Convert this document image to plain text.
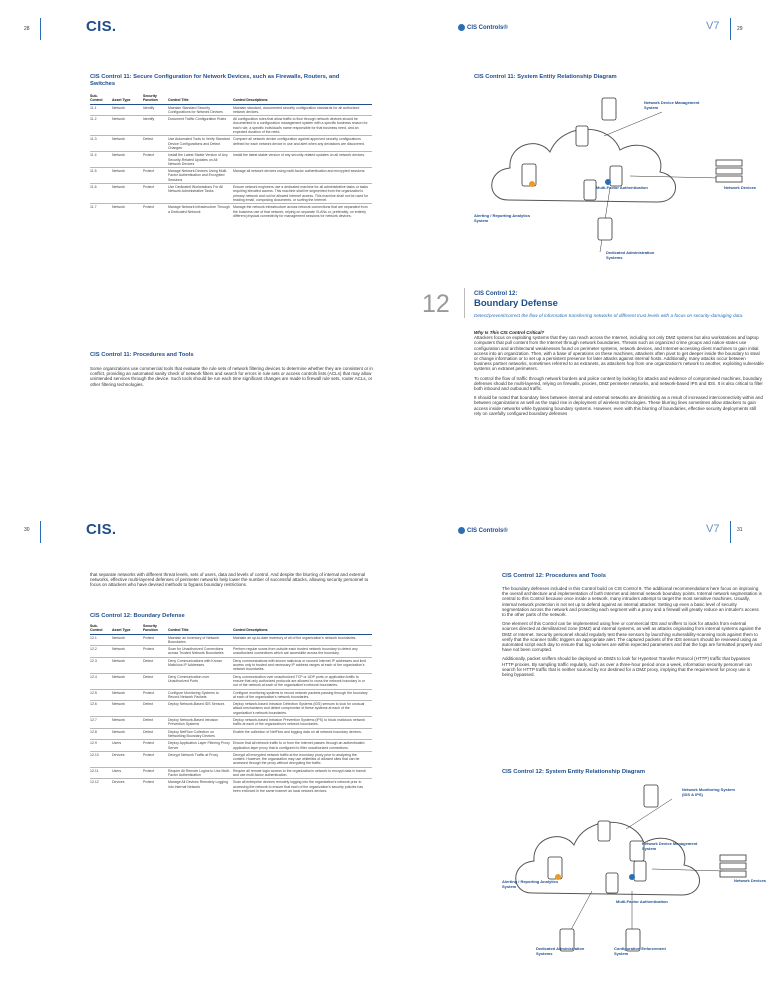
28	CIS.
CIS Control 11: Secure Configuration for Network Devices, such as Firewalls, Routers, and Switches
Sub-Control	Asset Type	Security Function	Control Title	Control Descriptions
11.1	Network	Identify	Maintain Standard Security Configurations for Network Devices	Maintain standard, documented security configuration standards for all authorized network devices.
11.2	Network	Identify	Document Traffic Configuration Rules	All configuration rules that allow traffic to flow through network devices should be documented in a configuration management system with a specific business reason for each rule, a specific individual's name responsible for that business need, and an expected duration of the need.
11.3	Network	Detect	Use Automated Tools to Verify Standard Device Configurations and Detect Changes	Compare all network device configuration against approved security configurations defined for each network device in use and alert when any deviations are discovered.
11.4	Network	Protect	Install the Latest Stable Version of Any Security-Related Updates on All Network Devices	Install the latest stable version of any security-related updates on all network devices.
11.5	Network	Protect	Manage Network Devices Using Multi-Factor Authentication and Encrypted Sessions	Manage all network devices using multi-factor authentication and encrypted sessions.
11.6	Network	Protect	Use Dedicated Workstations For All Network Administrative Tasks	Ensure network engineers use a dedicated machine for all administrative tasks or tasks requiring elevated access. This machine shall be segmented from the organization's primary network and not be allowed Internet access. This machine shall not be used for reading email, composing documents, or surfing the Internet.
11.7	Network	Protect	Manage Network Infrastructure Through a Dedicated Network	Manage the network infrastructure across network connections that are separated from the business use of that network, relying on separate VLANs or, preferably, on entirely different physical connectivity for management sessions for network devices.
CIS Control 11: Procedures and Tools

Some organizations use commercial tools that evaluate the rule sets of network filtering devices to determine whether they are consistent or in conflict, providing an automated sanity check of network filters and search for errors in rule sets or access controls lists (ACLs) that may allow unintended services through the device. Such tools should be run each time significant changes are made to firewall rule sets, router ACLs, or other filtering technologies.

CIS Controls ®	V7	29
CIS Control 11: System Entity Relationship Diagram
Network Device Management System
Multi-Factor Authentication	Network Devices
Alerting / Reporting Analytics System
Dedicated Administration Systems
12	CIS Control 12:
Boundary Defense
Detect/prevent/correct the flow of information transferring networks of different trust levels with a focus on security-damaging data.

Why Is This CIS Control Critical?

Attackers focus on exploiting systems that they can reach across the Internet, including not only DMZ systems but also workstations and laptop computers that pull content from the Internet through network boundaries. Threats such as organized crime groups and nation-states use configuration and architectural weaknesses found on perimeter systems, network devices, and Internet-accessing client machines to gain initial access into an organization. Then, with a base of operations on these machines, attackers often pivot to get deeper inside the boundary to steal or change information or to set up a persistent presence for later attacks against internal hosts. Additionally, many attacks occur between business partner networks, sometimes referred to as extranets, as attackers hop from one organization's network to another, exploiting vulnerable systems on extranet perimeters.

To control the flow of traffic through network borders and police content by looking for attacks and evidence of compromised machines, boundary defenses should be multi-layered, relying on firewalls, proxies, DMZ perimeter networks, and network-based IPS and IDS. It is also critical to filter both inbound and outbound traffic.

It should be noted that boundary lines between internal and external networks are diminishing as a result of increased interconnectivity within and between organizations as well as the rapid rise in deployment of wireless technologies. These blurring lines sometimes allow attackers to gain access inside networks while bypassing boundary systems. However, even with this blurring of boundaries, effective security deployments still rely on carefully configured boundary defenses

30	CIS.

that separate networks with different threat levels, sets of users, data and levels of control. And despite the blurring of internal and external networks, effective multi-layered defenses of perimeter networks help lower the number of successful attacks, allowing security personnel to focus on attackers who have devised methods to bypass boundary restrictions.

CIS Control 12: Boundary Defense
Sub-Control	Asset Type	Security Function	Control Title	Control Descriptions
12.1	Network	Protect	Maintain an Inventory of Network Boundaries	Maintain an up-to-date inventory of all of the organization's network boundaries.
12.2	Network	Protect	Scan for Unauthorized Connections across Trusted Network Boundaries	Perform regular scans from outside each trusted network boundary to detect any unauthorized connections which are accessible across the boundary.
12.3	Network	Detect	Deny Communications with Known Malicious IP Addresses	Deny communications with known malicious or unused Internet IP addresses and limit access only to trusted and necessary IP address ranges at each of the organization's network boundaries.
12.4	Network	Detect	Deny Communication over Unauthorized Ports	Deny communication over unauthorized TCP or UDP ports or application traffic to ensure that only authorized protocols are allowed to cross the network boundary in or out of the network at each of the organization's network boundaries.
12.5	Network	Protect	Configure Monitoring Systems to Record Network Packets	Configure monitoring systems to record network packets passing through the boundary at each of the organization's network boundaries.
12.6	Network	Detect	Deploy Network-Based IDS Sensors	Deploy network-based Intrusion Detection Systems (IDS) sensors to look for unusual attack mechanisms and detect compromise of these systems at each of the organization's network boundaries.
12.7	Network	Detect	Deploy Network-Based Intrusion Prevention Systems	Deploy network-based Intrusion Prevention Systems (IPS) to block malicious network traffic at each of the organization's network boundaries.
12.8	Network	Detect	Deploy NetFlow Collection on Networking Boundary Devices	Enable the collection of NetFlow and logging data on all network boundary devices.
12.9	Users	Protect	Deploy Application Layer Filtering Proxy Server	Ensure that all network traffic to or from the Internet passes through an authenticated application layer proxy that is configured to filter unauthorized connections.
12.10	Devices	Protect	Decrypt Network Traffic at Proxy	Decrypt all encrypted network traffic at the boundary proxy prior to analyzing the content. However, the organization may use whitelists of allowed sites that can be accessed through the proxy without decrypting the traffic.
12.11	Users	Protect	Require All Remote Logins to Use Multi-Factor Authentication	Require all remote login access to the organization's network to encrypt data in transit and use multi-factor authentication.
12.12	Devices	Protect	Manage All Devices Remotely Logging into Internal Network	Scan all enterprise devices remotely logging into the organization's network prior to accessing the network to ensure that each of the organization's security policies has been enforced in the same manner as local network devices.
CIS Controls ®	V7	31
CIS Control 12: Procedures and Tools

The boundary defenses included in this Control build on CIS Control 9. The additional recommendations here focus on improving the overall architecture and implementation of both Internet and internal network boundary points. Internal network segmentation is central to this Control because once inside a network, many intruders attempt to target the most sensitive machines. Usually, internal network protection is not set up to defend against an internal attacker. Setting up even a basic level of security segmentation across the network and protecting each segment with a proxy and a firewall will greatly reduce an intruder's access to the other parts of the network.

One element of this Control can be implemented using free or commercial IDS and sniffers to look for attacks from external sources directed at demilitarized zone (DMZ) and internal systems, as well as attacks originating from internal systems against the DMZ or Internet. Security personnel should regularly test these sensors by launching vulnerability-scanning tools against them to verify that the scanner traffic triggers an appropriate alert. The captured packets of the IDS sensors should be reviewed using an automated script each day to ensure that log volumes are within expected parameters and that the logs are formatted properly and have not been corrupted.

Additionally, packet sniffers should be deployed on DMZs to look for Hypertext Transfer Protocol (HTTP) traffic that bypasses HTTP proxies. By sampling traffic regularly, such as over a three-hour period once a week, information security personnel can search for HTTP traffic that is neither sourced by nor destined for a DMZ proxy, implying that the requirement for proxy use is being bypassed.

CIS Control 12: System Entity Relationship Diagram
Network Monitoring System (IDS & IPS)
Network Device Management System
Network Devices
Multi-Factor Authentication
Alerting / Reporting Analytics System
Dedicated Administration Systems
Configuration Enforcement System
